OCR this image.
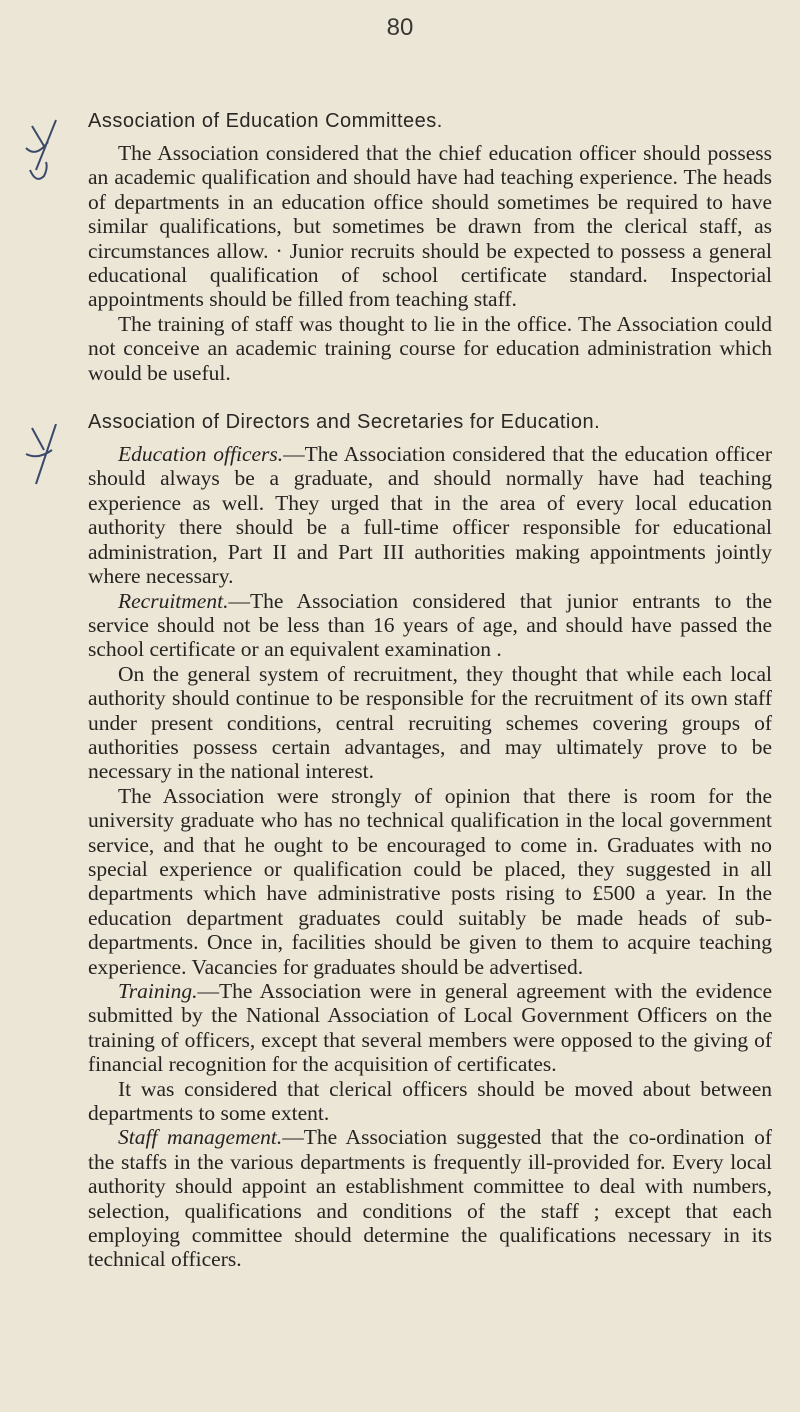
80
Association of Education Committees.

The Association considered that the chief education officer should possess an academic qualification and should have had teaching experience. The heads of departments in an education office should sometimes be required to have similar qualifications, but sometimes be drawn from the clerical staff, as circumstances allow. · Junior recruits should be expected to possess a general educational qualification of school certificate standard. Inspectorial appointments should be filled from teaching staff.

The training of staff was thought to lie in the office. The Association could not conceive an academic training course for education administration which would be useful.

Association of Directors and Secretaries for Education.

Education officers.—The Association considered that the education officer should always be a graduate, and should normally have had teaching experience as well. They urged that in the area of every local education authority there should be a full-time officer responsible for educational administration, Part II and Part III authorities making appointments jointly where necessary.

Recruitment.—The Association considered that junior entrants to the service should not be less than 16 years of age, and should have passed the school certificate or an equivalent examination .

On the general system of recruitment, they thought that while each local authority should continue to be responsible for the recruitment of its own staff under present conditions, central recruiting schemes covering groups of authorities possess certain advantages, and may ultimately prove to be necessary in the national interest.

The Association were strongly of opinion that there is room for the university graduate who has no technical qualification in the local government service, and that he ought to be encouraged to come in. Graduates with no special experience or qualification could be placed, they suggested in all departments which have administrative posts rising to £500 a year. In the education department graduates could suitably be made heads of sub-departments. Once in, facilities should be given to them to acquire teaching experience. Vacancies for graduates should be advertised.

Training.—The Association were in general agreement with the evidence submitted by the National Association of Local Government Officers on the training of officers, except that several members were opposed to the giving of financial recognition for the acquisition of certificates.

It was considered that clerical officers should be moved about between departments to some extent.

Staff management.—The Association suggested that the co-ordination of the staffs in the various departments is frequently ill-provided for. Every local authority should appoint an establishment committee to deal with numbers, selection, qualifications and conditions of the staff ; except that each employing committee should determine the qualifications necessary in its technical officers.
